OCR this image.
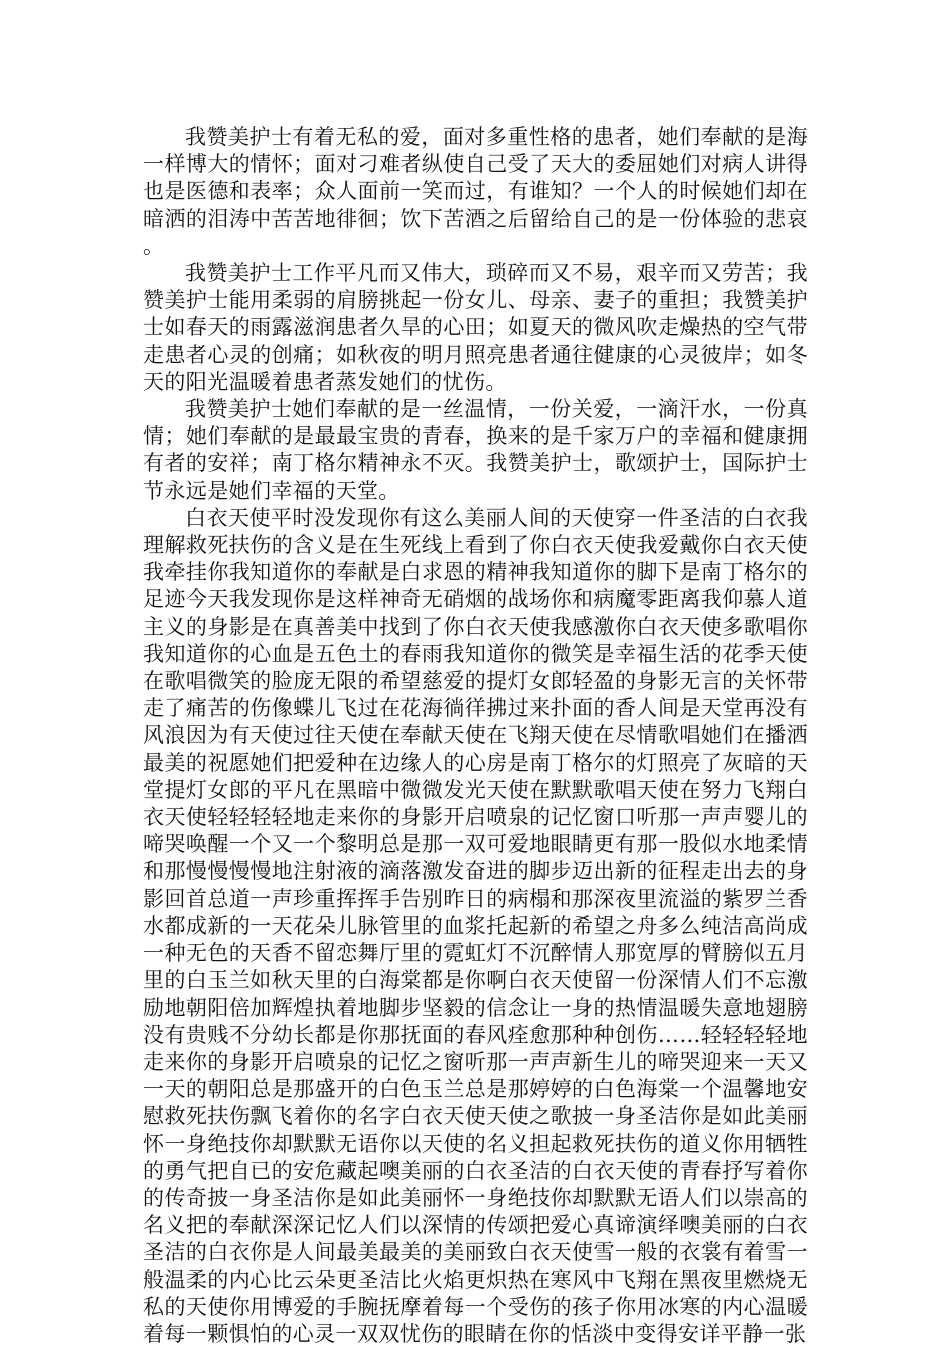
我赞美护士有着无私的爱，面对多重性格的患者，她们奉献的是海一样博大的情怀；面对刁难者纵使自己受了天大的委屈她们对病人讲得也是医德和表率；众人面前一笑而过，有谁知？一个人的时候她们却在暗洒的泪涛中苦苦地徘徊；饮下苦酒之后留给自己的是一份体验的悲哀。

我赞美护士工作平凡而又伟大，琐碎而又不易，艰辛而又劳苦；我赞美护士能用柔弱的肩膀挑起一份女儿、母亲、妻子的重担；我赞美护士如春天的雨露滋润患者久旱的心田；如夏天的微风吹走燥热的空气带走患者心灵的创痛；如秋夜的明月照亮患者通往健康的心灵彼岸；如冬天的阳光温暖着患者蒸发她们的忧伤。

我赞美护士她们奉献的是一丝温情，一份关爱，一滴汗水，一份真情；她们奉献的是最最宝贵的青春，换来的是千家万户的幸福和健康拥有者的安祥；南丁格尔精神永不灭。我赞美护士，歌颂护士，国际护士节永远是她们幸福的天堂。

白衣天使平时没发现你有这么美丽人间的天使穿一件圣洁的白衣我理解救死扶伤的含义是在生死线上看到了你白衣天使我爱戴你白衣天使我牵挂你我知道你的奉献是白求恩的精神我知道你的脚下是南丁格尔的足迹今天我发现你是这样神奇无硝烟的战场你和病魔零距离我仰慕人道主义的身影是在真善美中找到了你白衣天使我感激你白衣天使多歌唱你我知道你的心血是五色土的春雨我知道你的微笑是幸福生活的花季天使在歌唱微笑的脸庞无限的希望慈爱的提灯女郎轻盈的身影无言的关怀带走了痛苦的伤像蝶儿飞过在花海徜徉拂过来扑面的香人间是天堂再没有风浪因为有天使过往天使在奉献天使在飞翔天使在尽情歌唱她们在播洒最美的祝愿她们把爱种在边缘人的心房是南丁格尔的灯照亮了灰暗的天堂提灯女郎的平凡在黑暗中微微发光天使在默默歌唱天使在努力飞翔白衣天使轻轻轻轻地走来你的身影开启喷泉的记忆窗口听那一声声婴儿的啼哭唤醒一个又一个黎明总是那一双可爱地眼睛更有那一股似水地柔情和那慢慢慢慢地注射液的滴落激发奋进的脚步迈出新的征程走出去的身影回首总道一声珍重挥挥手告别昨日的病榻和那深夜里流溢的紫罗兰香水都成新的一天花朵儿脉管里的血浆托起新的希望之舟多么纯洁高尚成一种无色的天香不留恋舞厅里的霓虹灯不沉醉情人那宽厚的臂膀似五月里的白玉兰如秋天里的白海棠都是你啊白衣天使留一份深情人们不忘激励地朝阳倍加辉煌执着地脚步坚毅的信念让一身的热情温暖失意地翅膀没有贵贱不分幼长都是你那抚面的春风痊愈那种种创伤……轻轻轻轻地走来你的身影开启喷泉的记忆之窗听那一声声新生儿的啼哭迎来一天又一天的朝阳总是那盛开的白色玉兰总是那婷婷的白色海棠一个温馨地安慰救死扶伤飘飞着你的名字白衣天使天使之歌披一身圣洁你是如此美丽怀一身绝技你却默默无语你以天使的名义担起救死扶伤的道义你用牺牲的勇气把自已的安危藏起噢美丽的白衣圣洁的白衣天使的青春抒写着你的传奇披一身圣洁你是如此美丽怀一身绝技你却默默无语人们以崇高的名义把的奉献深深记忆人们以深情的传颂把爱心真谛演绎噢美丽的白衣圣洁的白衣你是人间最美最美的美丽致白衣天使雪一般的衣裳有着雪一般温柔的内心比云朵更圣洁比火焰更炽热在寒风中飞翔在黑夜里燃烧无私的天使你用博爱的手腕抚摩着每一个受伤的孩子你用冰寒的内心温暖着每一颗惧怕的心灵一双双忧伤的眼睛在你的恬淡中变得安详平静一张
